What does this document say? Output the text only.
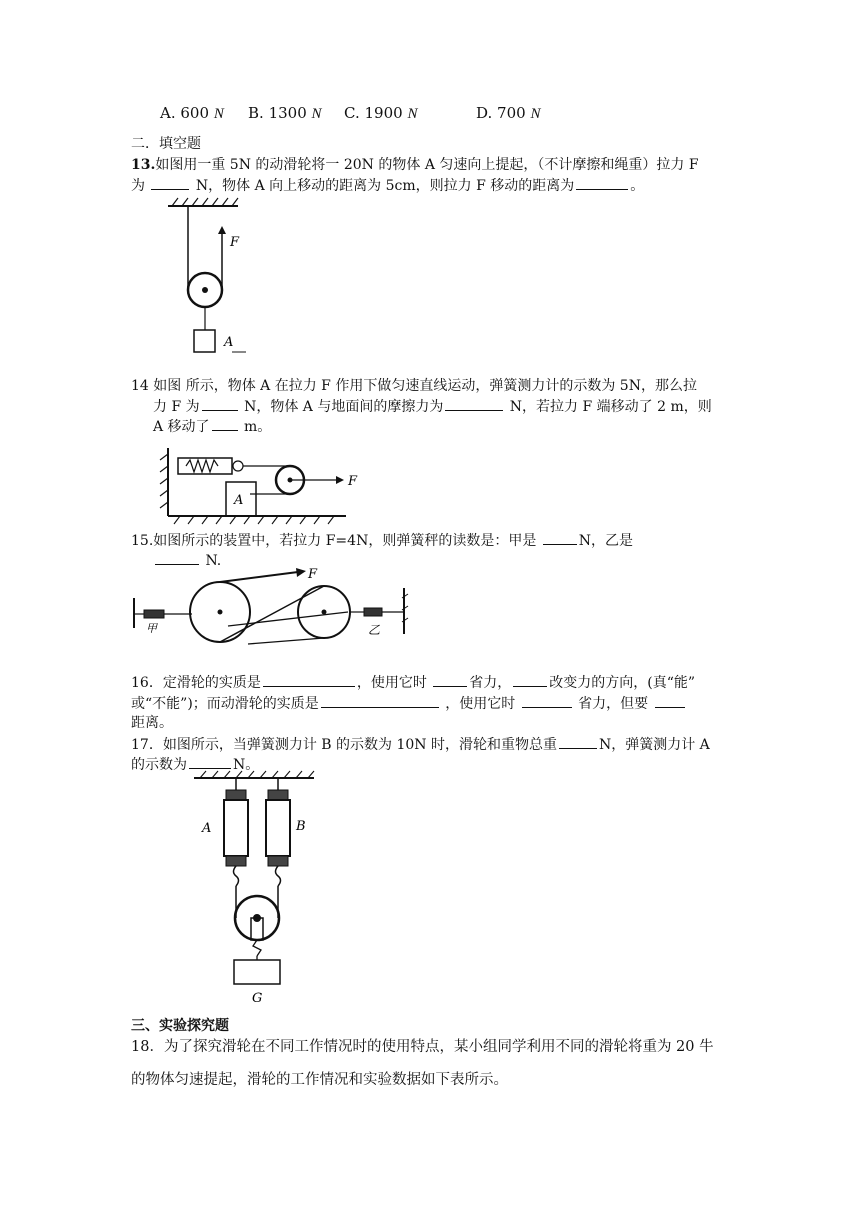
A. 600 N B. 1300 N C. 1900 N	D. 700 N
二．填空题
13.如图用一重 5N 的动滑轮将一 20N 的物体 A 匀速向上提起，（不计摩擦和绳重）拉力 F
为	N，物体 A 向上移动的距离为 5cm，则拉力 F 移动的距离为	。
F
A
14 如图 所示，物体 A 在拉力 F 作用下做匀速直线运动，弹簧测力计的示数为 5N，那么拉
力 F 为	N，物体 A 与地面间的摩擦力为	N，若拉力 F 端移动了 2 m，则
A 移动了 m。
A
F
15.如图所示的装置中，若拉力 F=4N，则弹簧秤的读数是：甲是	N，乙是
N.
甲
F
乙
16．定滑轮的实质是	，使用它时	省力，	改变力的方向，(真“能”
或“不能”)；而动滑轮的实质是	，使用它时	省力，但要
距离。
17．如图所示，当弹簧测力计 B 的示数为 10N 时，滑轮和重物总重	N，弹簧测力计 A
的示数为	N。
A	B
G
三、实验探究题
18．为了探究滑轮在不同工作情况时的使用特点，某小组同学利用不同的滑轮将重为 20 牛
的物体匀速提起，滑轮的工作情况和实验数据如下表所示。
